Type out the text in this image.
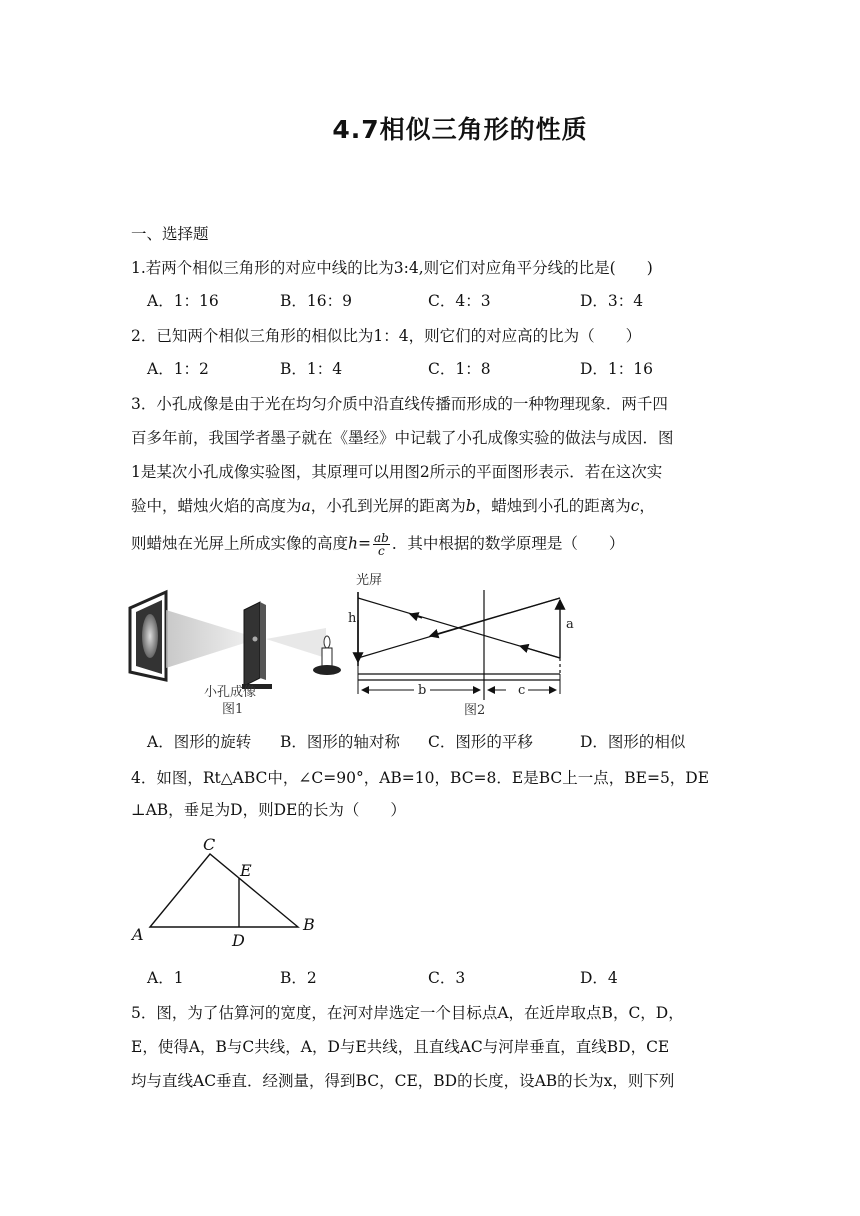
4.7相似三角形的性质
一、选择题
1.若两个相似三角形的对应中线的比为3:4,则它们对应角平分线的比是(　　)
A．1：16	B．16：9	C．4：3	D．3：4
2．已知两个相似三角形的相似比为1：4，则它们的对应高的比为（　　）
A．1：2	B．1：4	C．1：8	D．1：16
3．小孔成像是由于光在均匀介质中沿直线传播而形成的一种物理现象．两千四
百多年前，我国学者墨子就在《墨经》中记载了小孔成像实验的做法与成因．图
1是某次小孔成像实验图，其原理可以用图2所示的平面图形表示．若在这次实
验中，蜡烛火焰的高度为a，小孔到光屏的距离为b，蜡烛到小孔的距离为c，
则蜡烛在光屏上所成实像的高度$h= \frac{ab}{c}$ ．其中根据的数学原理是（　　）
小孔成像
图1
光屏
h	a
b	c
图2
A．图形的旋转 B．图形的轴对称 C．图形的平移	D．图形的相似
4．如图，Rt△ABC中，∠C=90°，AB=10，BC=8．E是BC上一点，BE=5，DE
⊥AB，垂足为D，则DE的长为（　　）
C
E
A	D
B
A．1	B．2	C．3	D．4
5．图，为了估算河的宽度，在河对岸选定一个目标点A，在近岸取点B，C，D，
E，使得A，B与C共线，A，D与E共线，且直线AC与河岸垂直，直线BD，CE
均与直线AC垂直．经测量，得到BC，CE，BD的长度，设AB的长为x，则下列
